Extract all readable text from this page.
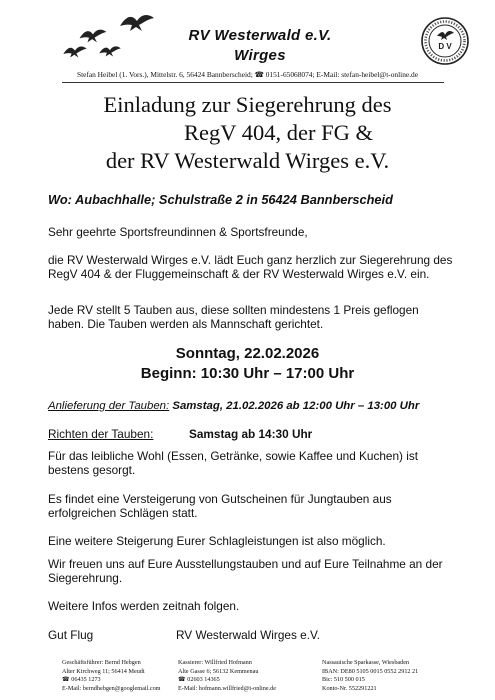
RV Westerwald e.V.
Wirges
D V
Stefan Heibel (1. Vors.), Mittelstr. 6, 56424 Bannberscheid; ☎ 0151-65068074; E-Mail: stefan-heibel@t-online.de
Einladung zur Siegerehrung des
RegV 404, der FG &
der RV Westerwald Wirges e.V.
Wo: Aubachhalle; Schulstraße 2 in 56424 Bannberscheid
Sehr geehrte Sportsfreundinnen & Sportsfreunde,
die RV Westerwald Wirges e.V. lädt Euch ganz herzlich zur Siegerehrung des RegV 404 & der Fluggemeinschaft & der RV Westerwald Wirges e.V. ein.
Jede RV stellt 5 Tauben aus, diese sollten mindestens 1 Preis geflogen haben. Die Tauben werden als Mannschaft gerichtet.
Sonntag, 22.02.2026
Beginn: 10:30 Uhr – 17:00 Uhr
Anlieferung der Tauben: Samstag, 21.02.2026 ab 12:00 Uhr – 13:00 Uhr
Richten der Tauben:	Samstag ab 14:30 Uhr
Für das leibliche Wohl (Essen, Getränke, sowie Kaffee und Kuchen) ist bestens gesorgt.
Es findet eine Versteigerung von Gutscheinen für Jungtauben aus erfolgreichen Schlägen statt.
Eine weitere Steigerung Eurer Schlagleistungen ist also möglich.
Wir freuen uns auf Eure Ausstellungstauben und auf Eure Teilnahme an der Siegerehrung.
Weitere Infos werden zeitnah folgen.
Gut Flug	RV Westerwald Wirges e.V.
Geschäftsführer: Bernd Hebgen
Alter Kirchweg 11; 56414 Meudt
☎ 06435 1273
E-Mail: berndhebgen@googlemail.com
Kassierer: Willfried Hofmann
Alte Gasse 6; 56132 Kemmenau
☎ 02603 14365
E-Mail: hofmann.willfried@t-online.de
Nassauische Sparkasse, Wiesbaden
IBAN: DE80 5105 0015 0552 2912 21
Bic: 510 500 015
Konto-Nr. 552291221
